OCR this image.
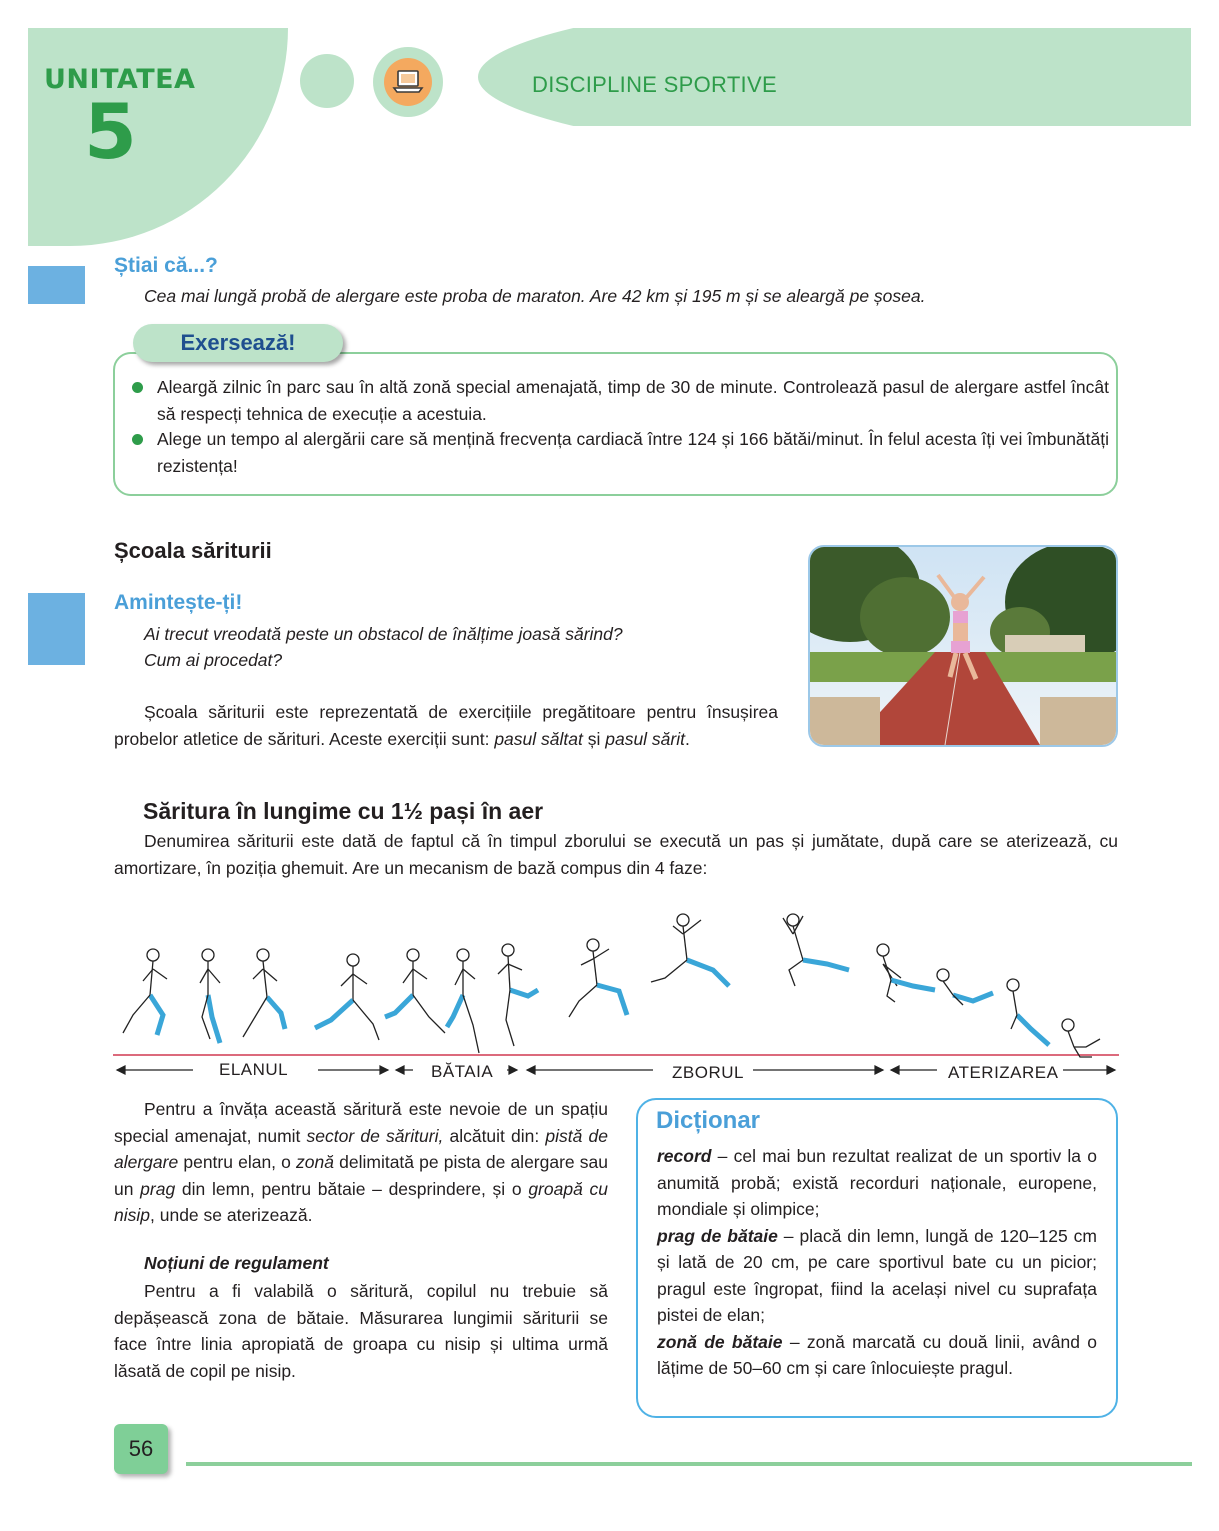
UNITATEA
5
DISCIPLINE SPORTIVE
Știai că...?
Cea mai lungă probă de alergare este proba de maraton. Are 42 km și 195 m și se aleargă pe șosea.
Exersează!
Aleargă zilnic în parc sau în altă zonă special amenajată, timp de 30 de minute. Controlează pasul de alergare astfel încât să respecți tehnica de execuție a acestuia.
Alege un tempo al alergării care să mențină frecvența cardiacă între 124 și 166 bătăi/minut. În felul acesta îți vei îmbunătăți rezistența!
Școala săriturii
Amintește-ți!
Ai trecut vreodată peste un obstacol de înălțime joasă sărind?
Cum ai procedat?
Școala săriturii este reprezentată de exercițiile pregătitoare pentru însușirea probelor atletice de sărituri. Aceste exerciții sunt: pasul săltat și pasul sărit.
Săritura în lungime cu 1½ pași în aer
Denumirea săriturii este dată de faptul că în timpul zborului se execută un pas și jumătate, după care se aterizează, cu amortizare, în poziția ghemuit. Are un mecanism de bază compus din 4 faze:
ELANUL	BĂTAIA	ZBORUL	ATERIZAREA
Pentru a învăța această săritură este nevoie de un spațiu special amenajat, numit sector de sărituri, alcătuit din: pistă de alergare pentru elan, o zonă delimitată pe pista de alergare sau un prag din lemn, pentru bătaie – desprindere, și o groapă cu nisip, unde se aterizează.
Noțiuni de regulament
Pentru a fi valabilă o săritură, copilul nu trebuie să depășească zona de bătaie. Măsurarea lungimii săriturii se face între linia apropiată de groapa cu nisip și ultima urmă lăsată de copil pe nisip.
Dicționar
record – cel mai bun rezultat realizat de un sportiv la o anumită probă; există recorduri naționale, europene, mondiale și olimpice;
prag de bătaie – placă din lemn, lungă de 120–125 cm și lată de 20 cm, pe care sportivul bate cu un picior; pragul este îngropat, fiind la același nivel cu suprafața pistei de elan;
zonă de bătaie – zonă marcată cu două linii, având o lățime de 50–60 cm și care înlocuiește pragul.
56
